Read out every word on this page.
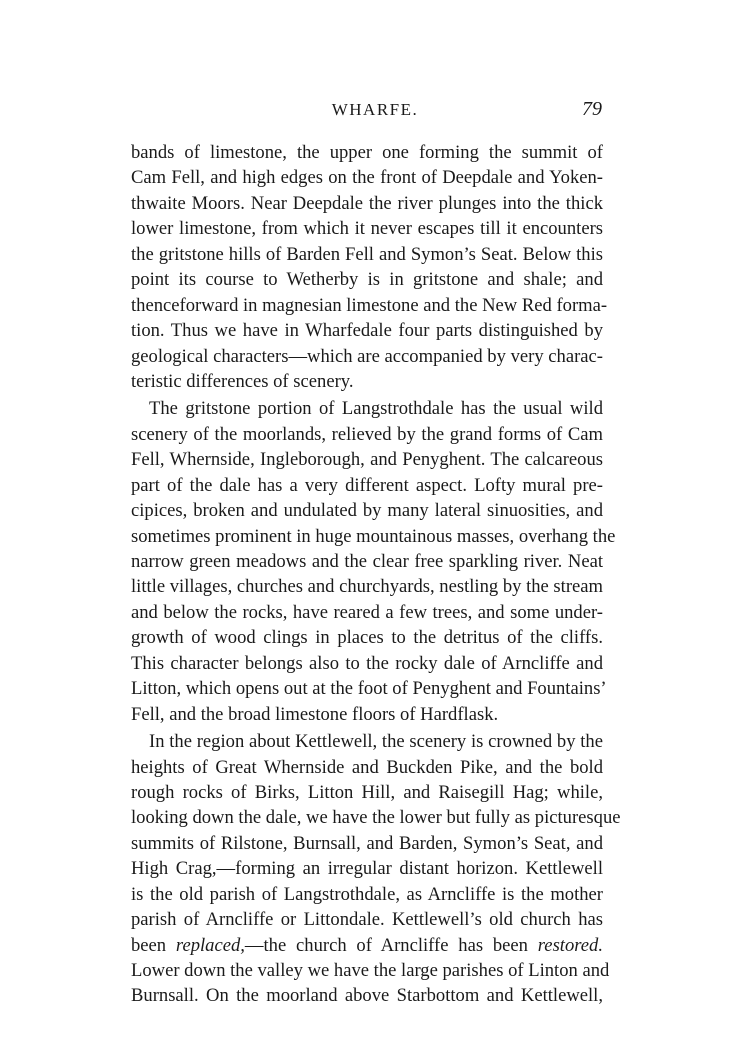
WHARFE.	79
bands of limestone, the upper one forming the summit of
Cam Fell, and high edges on the front of Deepdale and Yoken-
thwaite Moors. Near Deepdale the river plunges into the thick
lower limestone, from which it never escapes till it encounters
the gritstone hills of Barden Fell and Symon’s Seat. Below this
point its course to Wetherby is in gritstone and shale; and
thenceforward in magnesian limestone and the New Red forma-
tion. Thus we have in Wharfedale four parts distinguished by
geological characters—which are accompanied by very charac-
teristic differences of scenery.
The gritstone portion of Langstrothdale has the usual wild
scenery of the moorlands, relieved by the grand forms of Cam
Fell, Whernside, Ingleborough, and Penyghent. The calcareous
part of the dale has a very different aspect. Lofty mural pre-
cipices, broken and undulated by many lateral sinuosities, and
sometimes prominent in huge mountainous masses, overhang the
narrow green meadows and the clear free sparkling river. Neat
little villages, churches and churchyards, nestling by the stream
and below the rocks, have reared a few trees, and some under-
growth of wood clings in places to the detritus of the cliffs.
This character belongs also to the rocky dale of Arncliffe and
Litton, which opens out at the foot of Penyghent and Fountains’
Fell, and the broad limestone floors of Hardflask.
In the region about Kettlewell, the scenery is crowned by the
heights of Great Whernside and Buckden Pike, and the bold
rough rocks of Birks, Litton Hill, and Raisegill Hag; while,
looking down the dale, we have the lower but fully as picturesque
summits of Rilstone, Burnsall, and Barden, Symon’s Seat, and
High Crag,—forming an irregular distant horizon. Kettlewell
is the old parish of Langstrothdale, as Arncliffe is the mother
parish of Arncliffe or Littondale. Kettlewell’s old church has
been replaced,—the church of Arncliffe has been restored.
Lower down the valley we have the large parishes of Linton and
Burnsall. On the moorland above Starbottom and Kettlewell,
